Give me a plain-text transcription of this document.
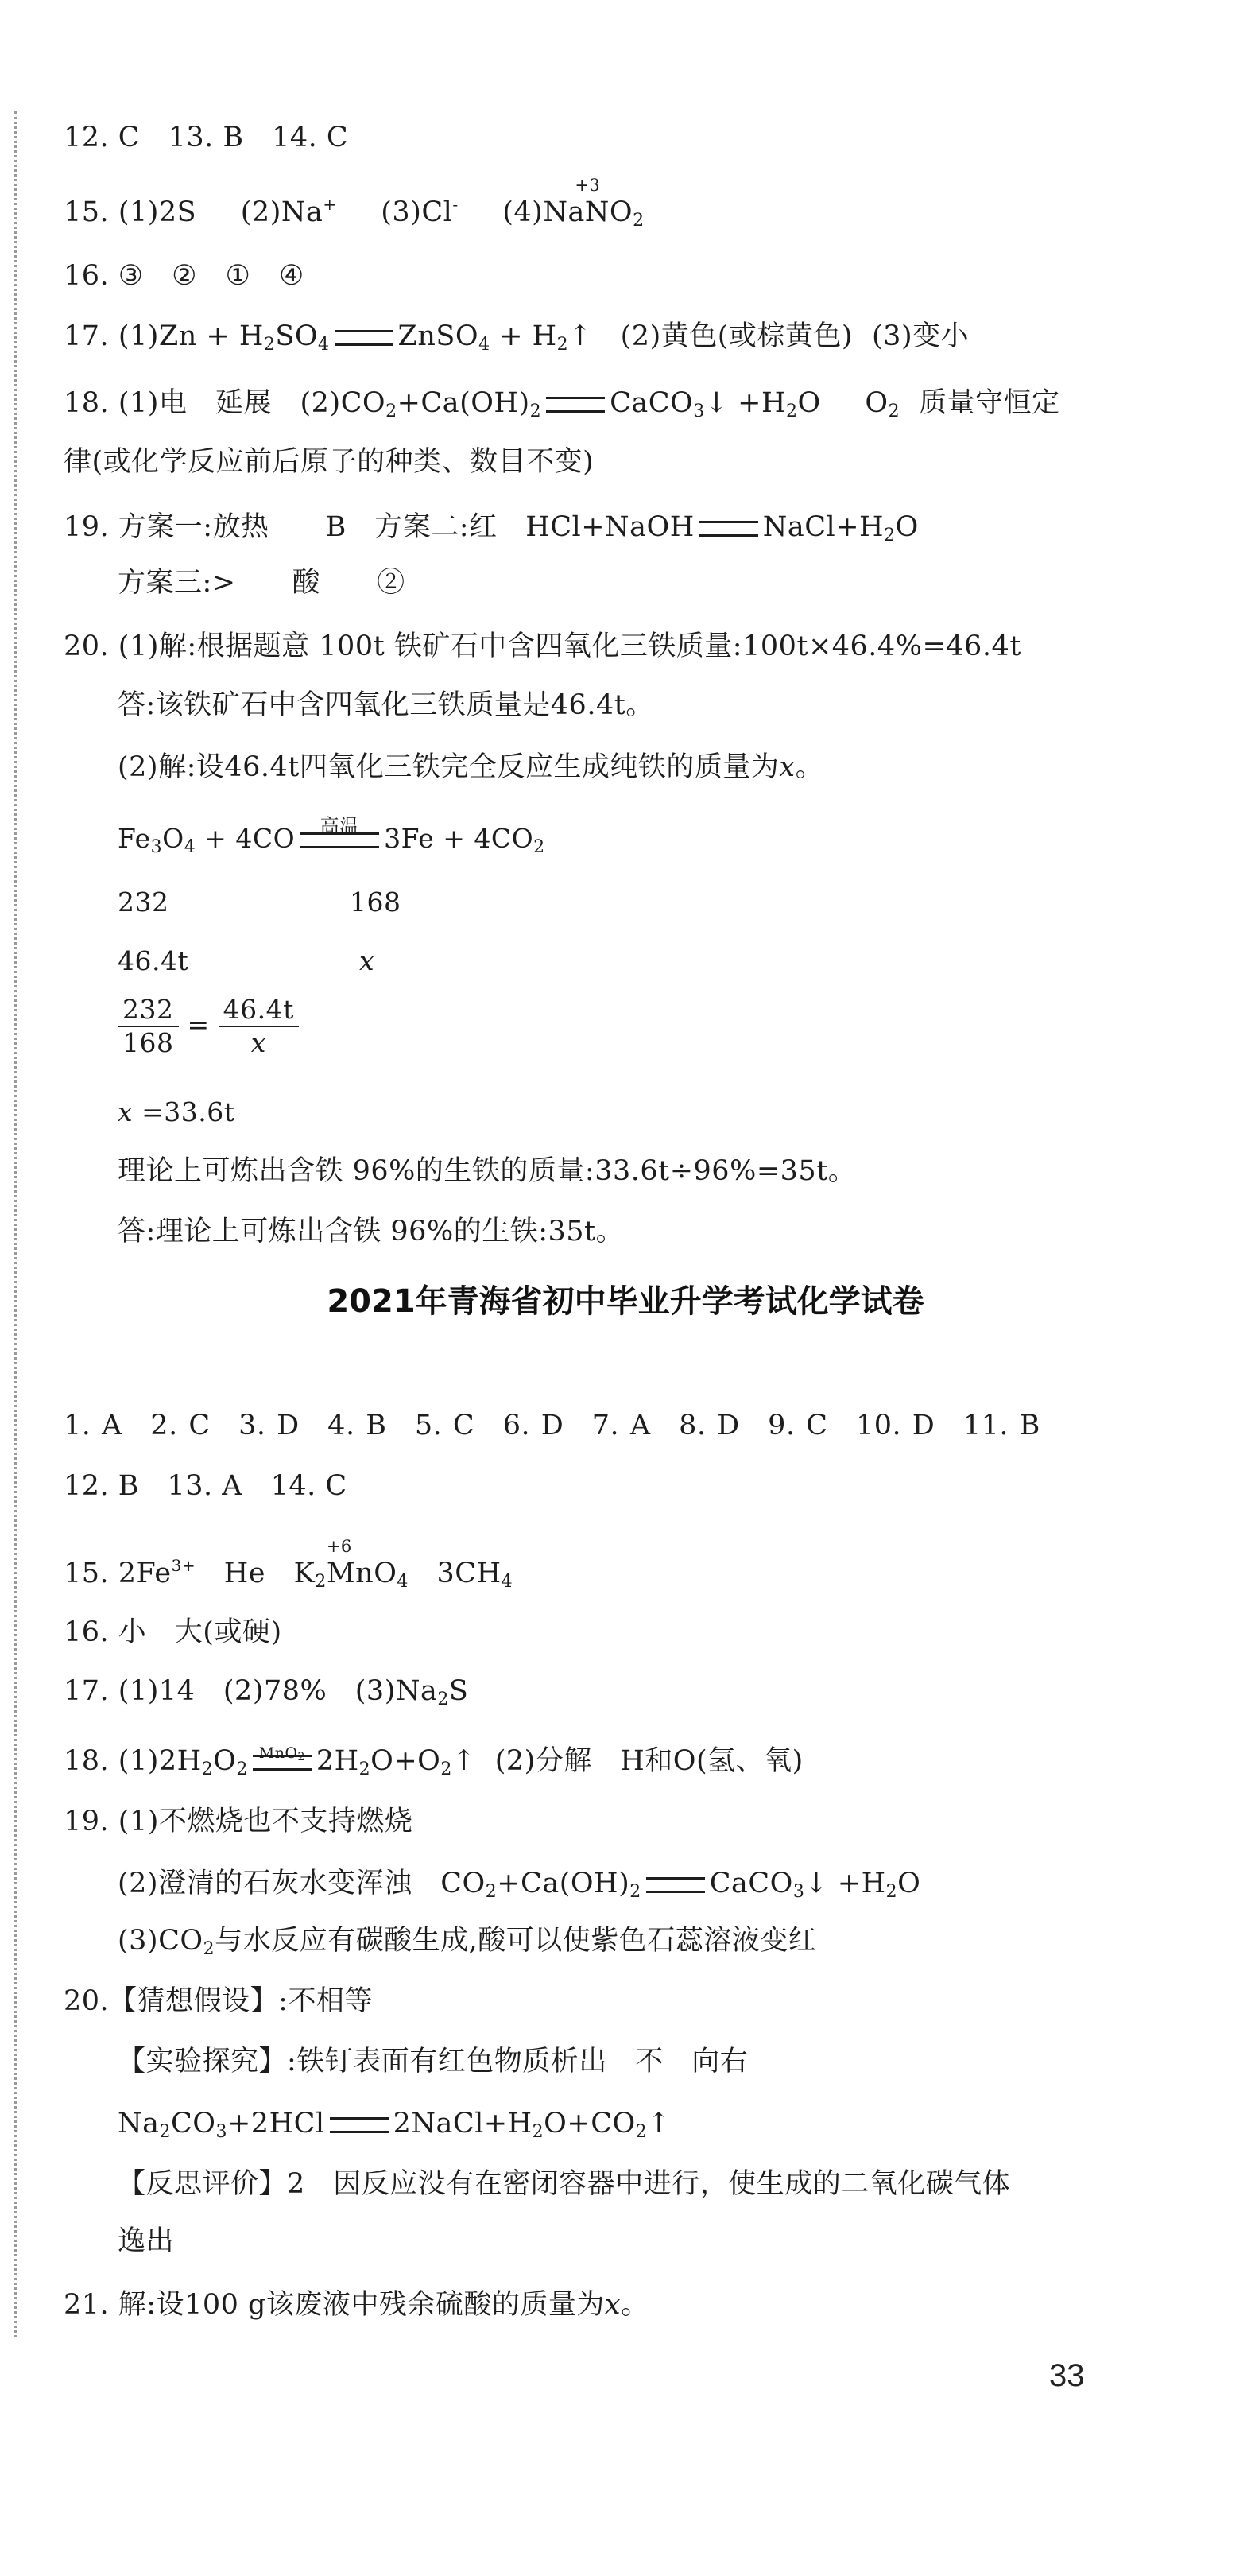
12. C　13. B　14. C
15. (1)2S (2)Na+ (3)Cl- (4)
+3
NaNO$_2$
16. ③　②　①　④
17. $(1)Zn + H_2SO_4$ ZnSO$_4$ + $H_2↑$ (2)黄色(或棕黄色) (3)变小
18. (1)电　延展 $(2)CO_2+Ca(OH)_2$ CaCO$_3$↓ $+H_2O$ $O_2$ 质量守恒定
律(或化学反应前后原子的种类、数目不变)
19. 方案一:放热　　B　方案二:红 HCl+NaOH $NaCl+H_2O$
方案三:>　　酸　　②
20. (1)解:根据题意 100t 铁矿石中含四氧化三铁质量:100t×46.4%=46.4t
答:该铁矿石中含四氧化三铁质量是46.4t。
(2)解:设46.4t四氧化三铁完全反应生成纯铁的质量为x。
$Fe_3O_4 + 4CO$	高温 $3Fe + 4CO_2$
232	168
46.4t	x
$\frac{232}{168} = \frac{46.4t}{x}$
x =33.6t
理论上可炼出含铁 96%的生铁的质量:33.6t÷96%=35t。
答:理论上可炼出含铁 96%的生铁:35t。
2021年青海省初中毕业升学考试化学试卷
1. A　2. C　3. D　4. B　5. C　6. D　7. A　8. D　9. C　10. D　11. B
12. B　13. A　14. C
15. $2Fe^{3+}$ He $K_2$
+6
MnO$_4$ $3CH_4$
16. 小　大(或硬)
17. (1)14　(2)78%　$(3)Na_2S$
18. $(1)2H_2O_2$
MnO$_2$ $2H_2O+O_2↑$ (2)分解　H和O(氢、氧)
19. (1)不燃烧也不支持燃烧
(2)澄清的石灰水变浑浊 $CO_2+Ca(OH)_2$ CaCO$_3$↓ $+H_2O$
$(3)CO_2$与水反应有碳酸生成,酸可以使紫色石蕊溶液变红
20.【猜想假设】:不相等
【实验探究】:铁钉表面有红色物质析出　不　向右
$Na_2CO_3+2HCl$ $2NaCl+H_2O+CO_2↑$
【反思评价】2　因反应没有在密闭容器中进行，使生成的二氧化碳气体
逸出
21. 解:设100 g该废液中残余硫酸的质量为x。
33
